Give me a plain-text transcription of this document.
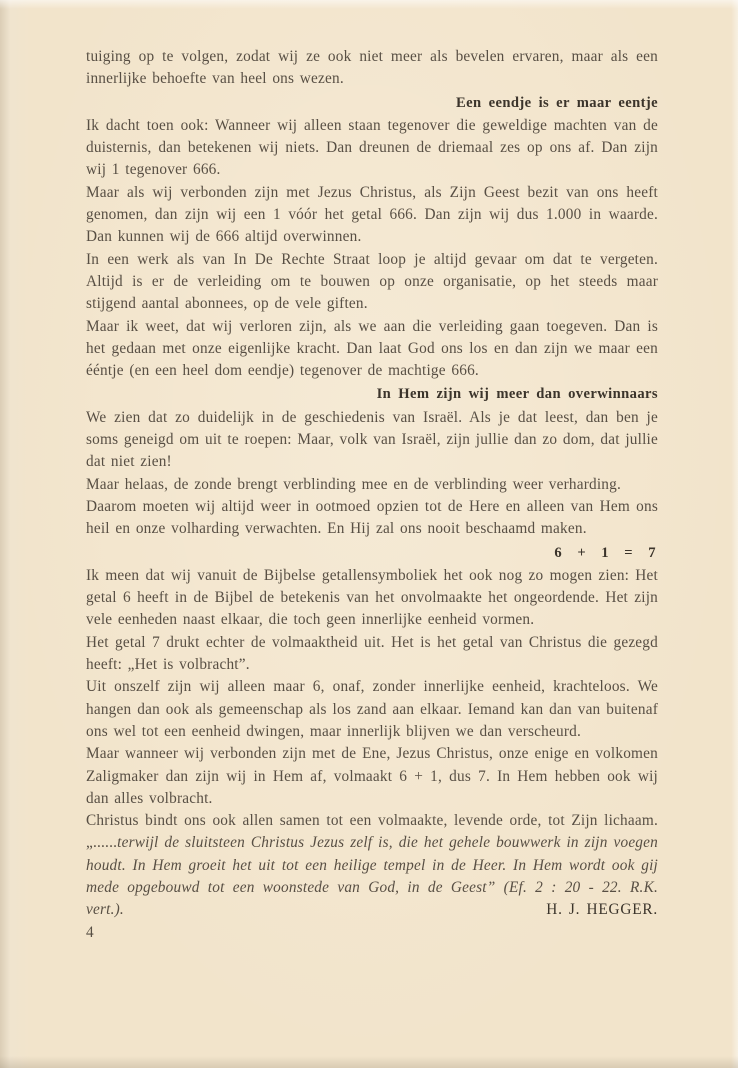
tuiging op te volgen, zodat wij ze ook niet meer als bevelen ervaren, maar als een innerlijke behoefte van heel ons wezen.

Een eendje is er maar eentje

Ik dacht toen ook: Wanneer wij alleen staan tegenover die geweldige machten van de duisternis, dan betekenen wij niets. Dan dreunen de driemaal zes op ons af. Dan zijn wij 1 tegenover 666.

Maar als wij verbonden zijn met Jezus Christus, als Zijn Geest bezit van ons heeft genomen, dan zijn wij een 1 vóór het getal 666. Dan zijn wij dus 1.000 in waarde. Dan kunnen wij de 666 altijd overwinnen.

In een werk als van In De Rechte Straat loop je altijd gevaar om dat te vergeten. Altijd is er de verleiding om te bouwen op onze organisatie, op het steeds maar stijgend aantal abonnees, op de vele giften.

Maar ik weet, dat wij verloren zijn, als we aan die verleiding gaan toegeven. Dan is het gedaan met onze eigenlijke kracht. Dan laat God ons los en dan zijn we maar een ééntje (en een heel dom eendje) tegenover de machtige 666.

In Hem zijn wij meer dan overwinnaars

We zien dat zo duidelijk in de geschiedenis van Israël. Als je dat leest, dan ben je soms geneigd om uit te roepen: Maar, volk van Israël, zijn jullie dan zo dom, dat jullie dat niet zien!

Maar helaas, de zonde brengt verblinding mee en de verblinding weer verharding.

Daarom moeten wij altijd weer in ootmoed opzien tot de Here en alleen van Hem ons heil en onze volharding verwachten. En Hij zal ons nooit beschaamd maken.

6 + 1 = 7

Ik meen dat wij vanuit de Bijbelse getallensymboliek het ook nog zo mogen zien: Het getal 6 heeft in de Bijbel de betekenis van het onvolmaakte het ongeordende. Het zijn vele eenheden naast elkaar, die toch geen innerlijke eenheid vormen.

Het getal 7 drukt echter de volmaaktheid uit. Het is het getal van Christus die gezegd heeft: „Het is volbracht”.

Uit onszelf zijn wij alleen maar 6, onaf, zonder innerlijke eenheid, krachteloos. We hangen dan ook als gemeenschap als los zand aan elkaar. Iemand kan dan van buitenaf ons wel tot een eenheid dwingen, maar innerlijk blijven we dan verscheurd.

Maar wanneer wij verbonden zijn met de Ene, Jezus Christus, onze enige en volkomen Zaligmaker dan zijn wij in Hem af, volmaakt 6 + 1, dus 7. In Hem hebben ook wij dan alles volbracht.

Christus bindt ons ook allen samen tot een volmaakte, levende orde, tot Zijn lichaam. „......terwijl de sluitsteen Christus Jezus zelf is, die het gehele bouwwerk in zijn voegen houdt. In Hem groeit het uit tot een heilige tempel in de Heer. In Hem wordt ook gij mede opgebouwd tot een woonstede van God, in de Geest” (Ef. 2 : 20 - 22. R.K. vert.).	H. J. HEGGER.

4
